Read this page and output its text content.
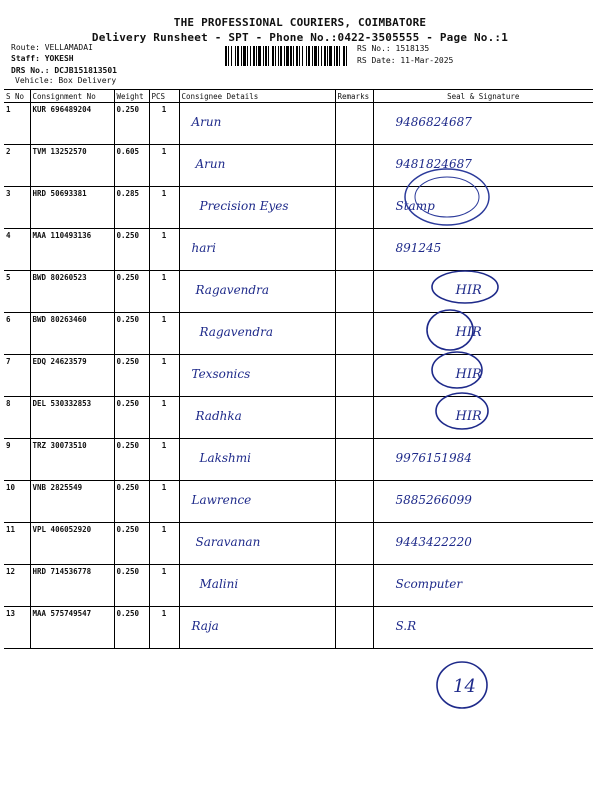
THE PROFESSIONAL COURIERS, COIMBATORE
Delivery Runsheet - SPT - Phone No.:0422-3505555 - Page No.:1
Route: VELLAMADAI
Staff: YOKESH
DRS No.: DCJB151813501
Vehicle: Box Delivery
RS No.: 1518135
RS Date: 11-Mar-2025
S No	Consignment No	Weight	PCS	Consignee Details	Remarks	Seal & Signature
1	KUR 696489204	0.250	1	Arun		9486824687
2	TVM 13252570	0.605	1	Arun		9481824687
3	HRD 50693381	0.285	1	Precision Eyes		Stamp
4	MAA 110493136	0.250	1	hari		891245
5	BWD 80260523	0.250	1	Ragavendra		HIR
6	BWD 80263460	0.250	1	Ragavendra		HIR
7	EDQ 24623579	0.250	1	Texsonics		HIR
8	DEL 530332853	0.250	1	Radhka		HIR
9	TRZ 30073510	0.250	1	Lakshmi		9976151984
10	VNB 2825549	0.250	1	Lawrence		5885266099
11	VPL 406052920	0.250	1	Saravanan		9443422220
12	HRD 714536778	0.250	1	Malini		Scomputer
13	MAA 575749547	0.250	1	Raja		S.R
14
